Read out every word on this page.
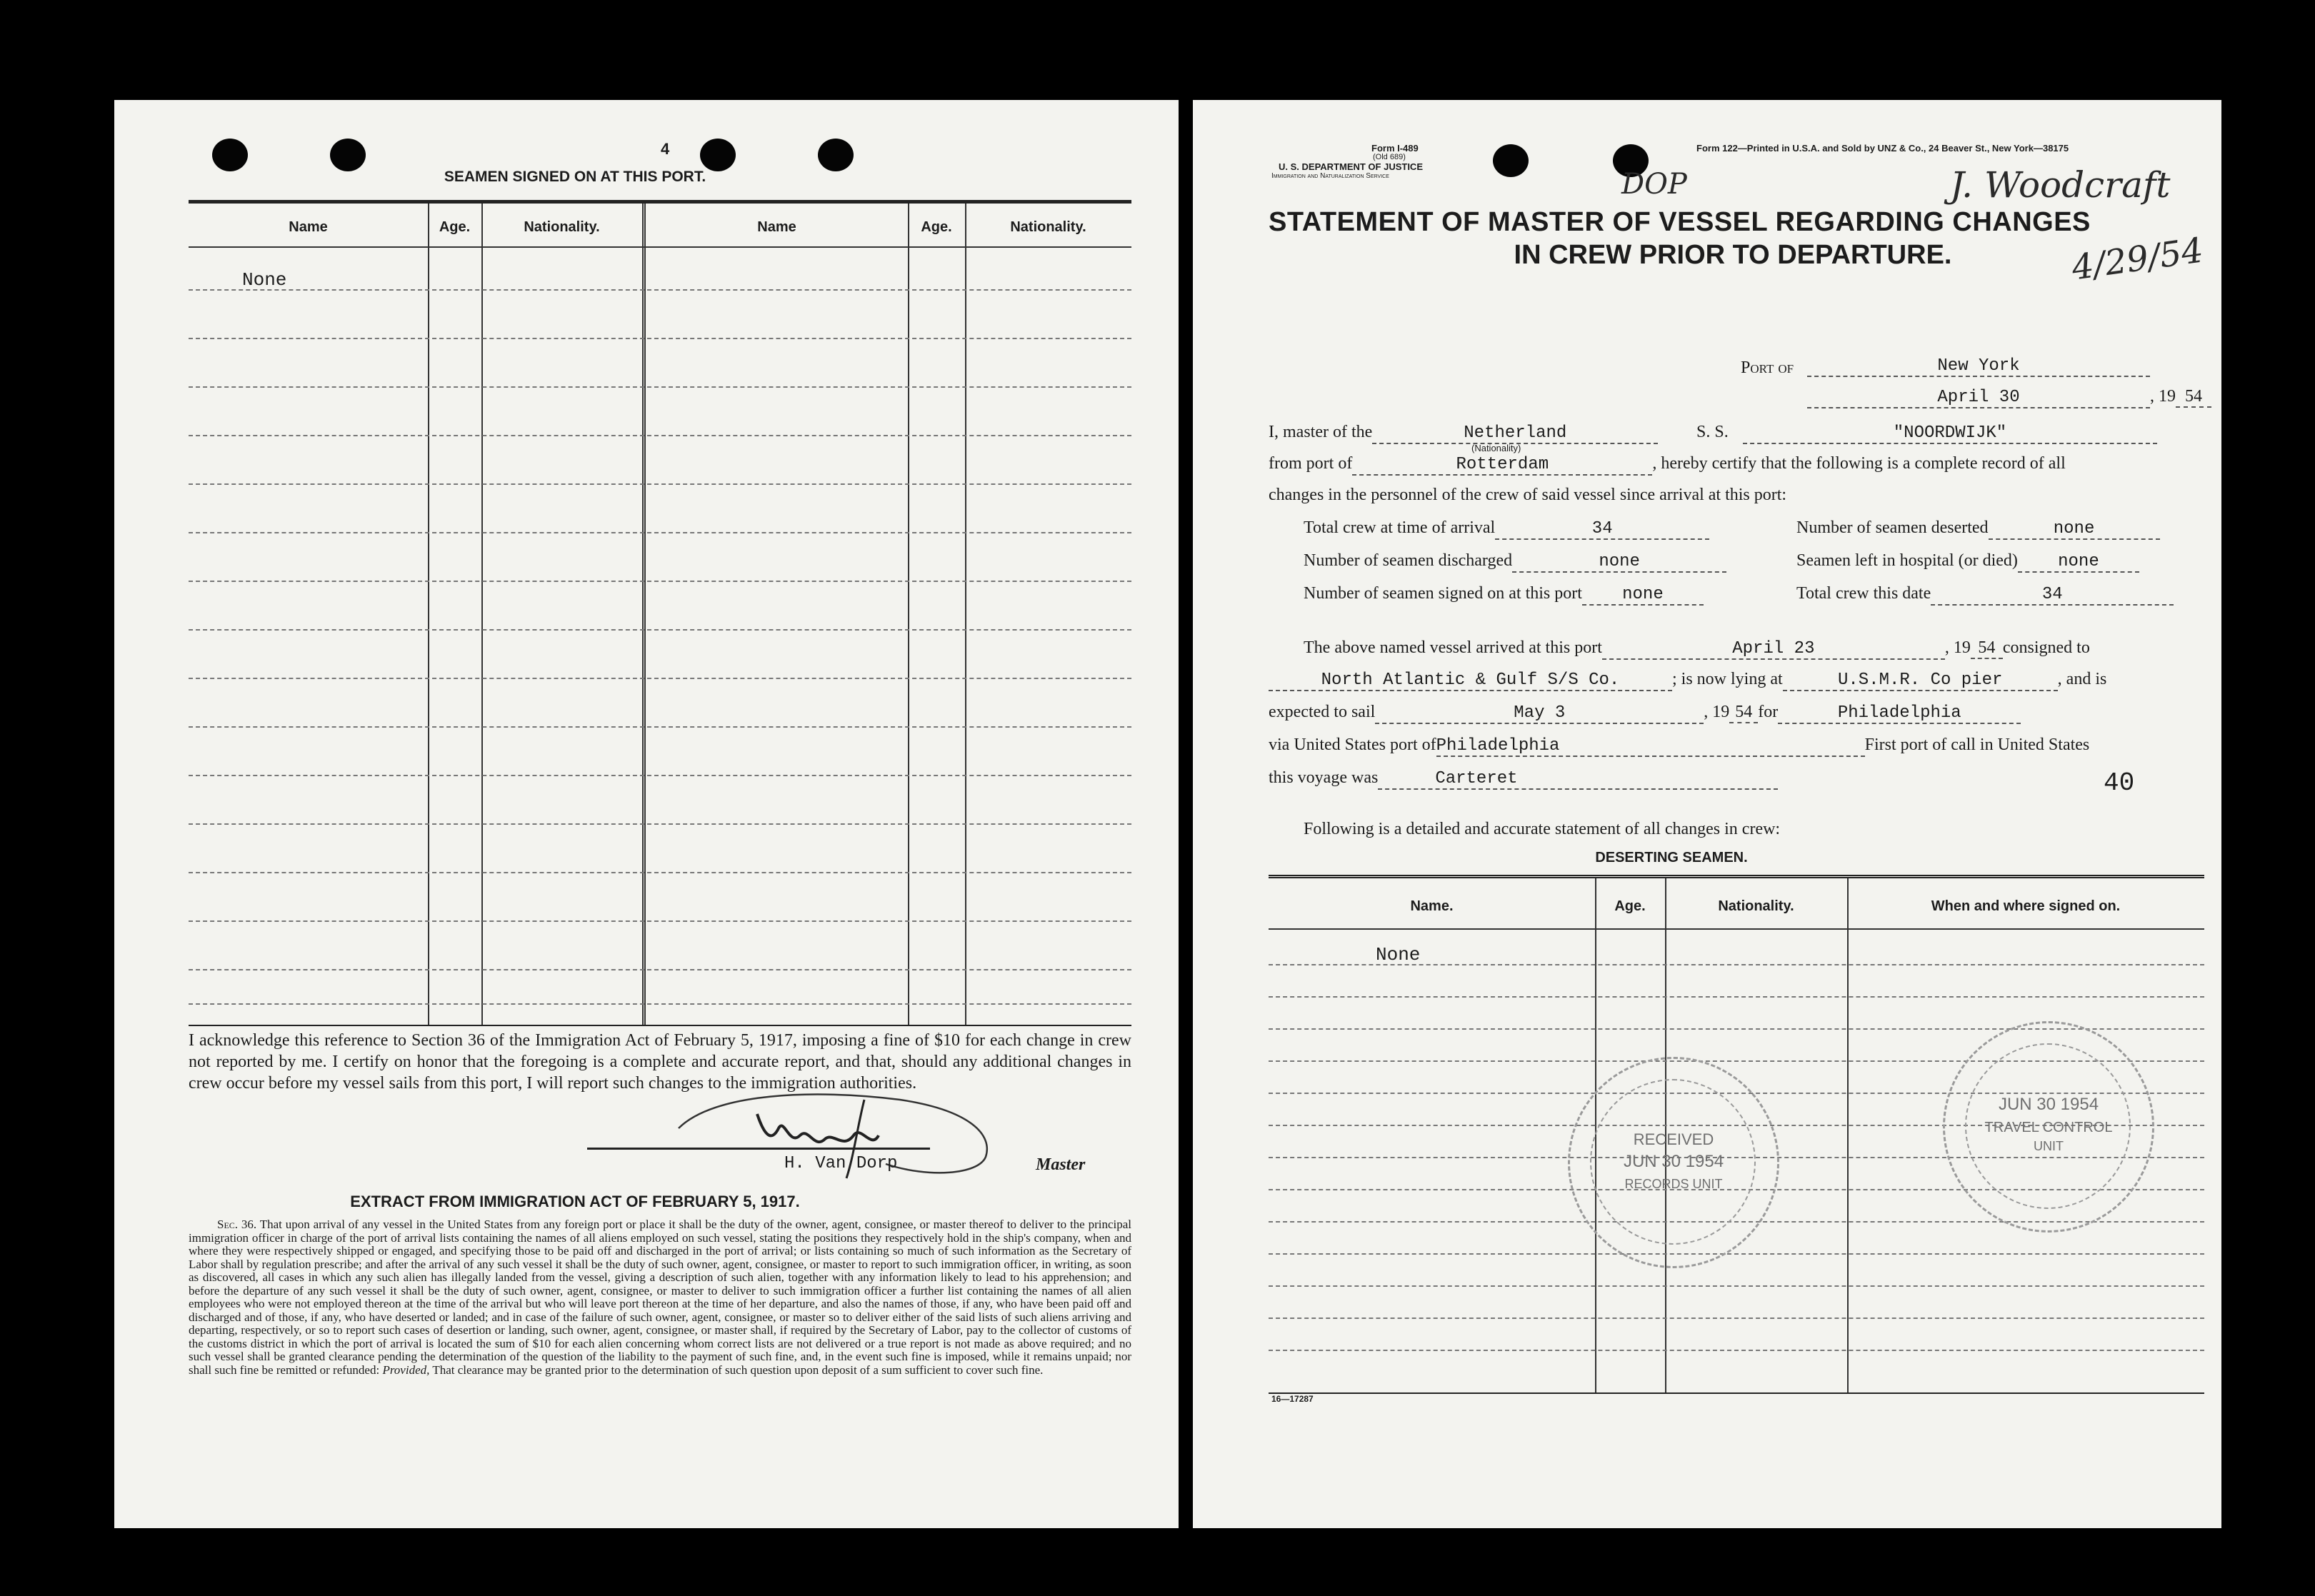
4
SEAMEN SIGNED ON AT THIS PORT.
Name	Age.	Nationality.	Name	Age.	Nationality.
None
I acknowledge this reference to Section 36 of the Immigration Act of February 5, 1917, imposing a fine of $10 for each change in crew not reported by me. I certify on honor that the foregoing is a complete and accurate report, and that, should any additional changes in crew occur before my vessel sails from this port, I will report such changes to the immigration authorities.
H. Van Dorp	Master
EXTRACT FROM IMMIGRATION ACT OF FEBRUARY 5, 1917.
Sec. 36. That upon arrival of any vessel in the United States from any foreign port or place it shall be the duty of the owner, agent, consignee, or master thereof to deliver to the principal immigration officer in charge of the port of arrival lists containing the names of all aliens employed on such vessel, stating the positions they respectively hold in the ship's company, when and where they were respectively shipped or engaged, and specifying those to be paid off and discharged in the port of arrival; or lists containing so much of such information as the Secretary of Labor shall by regulation prescribe; and after the arrival of any such vessel it shall be the duty of such owner, agent, consignee, or master to report to such immigration officer, in writing, as soon as discovered, all cases in which any such alien has illegally landed from the vessel, giving a description of such alien, together with any information likely to lead to his apprehension; and before the departure of any such vessel it shall be the duty of such owner, agent, consignee, or master to deliver to such immigration officer a further list containing the names of all alien employees who were not employed thereon at the time of the arrival but who will leave port thereon at the time of her departure, and also the names of those, if any, who have been paid off and discharged and of those, if any, who have deserted or landed; and in case of the failure of such owner, agent, consignee, or master so to deliver either of the said lists of such aliens arriving and departing, respectively, or so to report such cases of desertion or landing, such owner, agent, consignee, or master shall, if required by the Secretary of Labor, pay to the collector of customs of the customs district in which the port of arrival is located the sum of $10 for each alien concerning whom correct lists are not delivered or a true report is not made as above required; and no such vessel shall be granted clearance pending the determination of the question of the liability to the payment of such fine, and, in the event such fine is imposed, while it remains unpaid; nor shall such fine be remitted or refunded: Provided, That clearance may be granted prior to the determination of such question upon deposit of a sum sufficient to cover such fine.
Form I-489
(Old 689)
U. S. DEPARTMENT OF JUSTICE
Immigration and Naturalization Service
Form 122—Printed in U.S.A. and Sold by UNZ & Co., 24 Beaver St., New York—38175
DOP	J. Woodcraft
4/29/54
STATEMENT OF MASTER OF VESSEL REGARDING CHANGES
IN CREW PRIOR TO DEPARTURE.
Port of	New York
April 30	, 19 54
I, master of the	Netherland
(Nationality)
S. S.	"NOORDWIJK"
from port of	Rotterdam	, hereby certify that the following is a complete record of all
changes in the personnel of the crew of said vessel since arrival at this port:
Total crew at time of arrival	34	Number of seamen deserted	none
Number of seamen discharged	none	Seamen left in hospital (or died) none
Number of seamen signed on at this port none	Total crew this date	34
The above named vessel arrived at this port	April 23	, 19 54 consigned to
North Atlantic & Gulf S/S Co.	; is now lying at	U.S.M.R. Co pier	, and is
expected to sail	May 3	, 19 54 for	Philadelphia
via United States port ofPhiladelphia	First port of call in United States
this voyage was	Carteret	40
Following is a detailed and accurate statement of all changes in crew:
DESERTING SEAMEN.
Name.	Age.	Nationality.	When and where signed on.
None
RECEIVED
JUN 30 1954
RECORDS UNIT
JUN 30 1954
TRAVEL CONTROL
UNIT
16—17287
